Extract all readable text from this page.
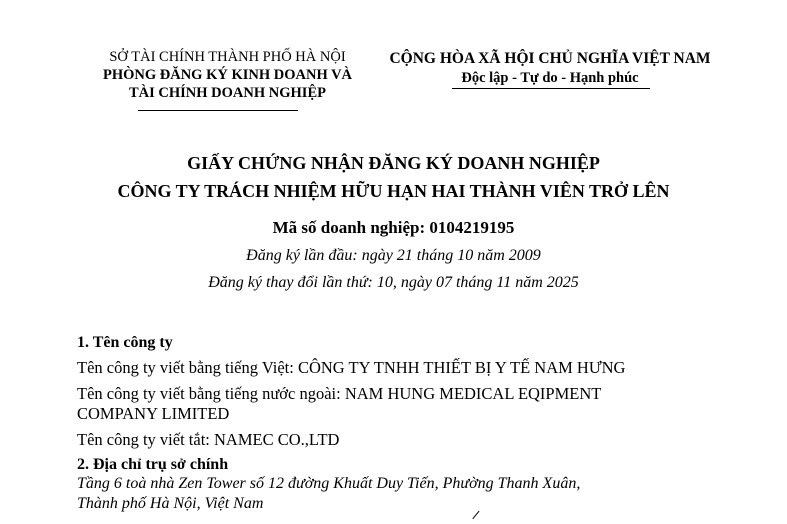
SỞ TÀI CHÍNH THÀNH PHỐ HÀ NỘI
PHÒNG ĐĂNG KÝ KINH DOANH VÀ
TÀI CHÍNH DOANH NGHIỆP
CỘNG HÒA XÃ HỘI CHỦ NGHĨA VIỆT NAM
Độc lập - Tự do - Hạnh phúc
GIẤY CHỨNG NHẬN ĐĂNG KÝ DOANH NGHIỆP
CÔNG TY TRÁCH NHIỆM HỮU HẠN HAI THÀNH VIÊN TRỞ LÊN
Mã số doanh nghiệp: 0104219195
Đăng ký lần đầu: ngày 21 tháng 10 năm 2009
Đăng ký thay đổi lần thứ: 10, ngày 07 tháng 11 năm 2025
1. Tên công ty
Tên công ty viết bằng tiếng Việt: CÔNG TY TNHH THIẾT BỊ Y TẾ NAM HƯNG
Tên công ty viết bằng tiếng nước ngoài: NAM HUNG MEDICAL EQIPMENT
COMPANY LIMITED
Tên công ty viết tắt: NAMEC CO.,LTD
2. Địa chỉ trụ sở chính
Tầng 6 toà nhà Zen Tower số 12 đường Khuất Duy Tiến, Phường Thanh Xuân,
Thành phố Hà Nội, Việt Nam
